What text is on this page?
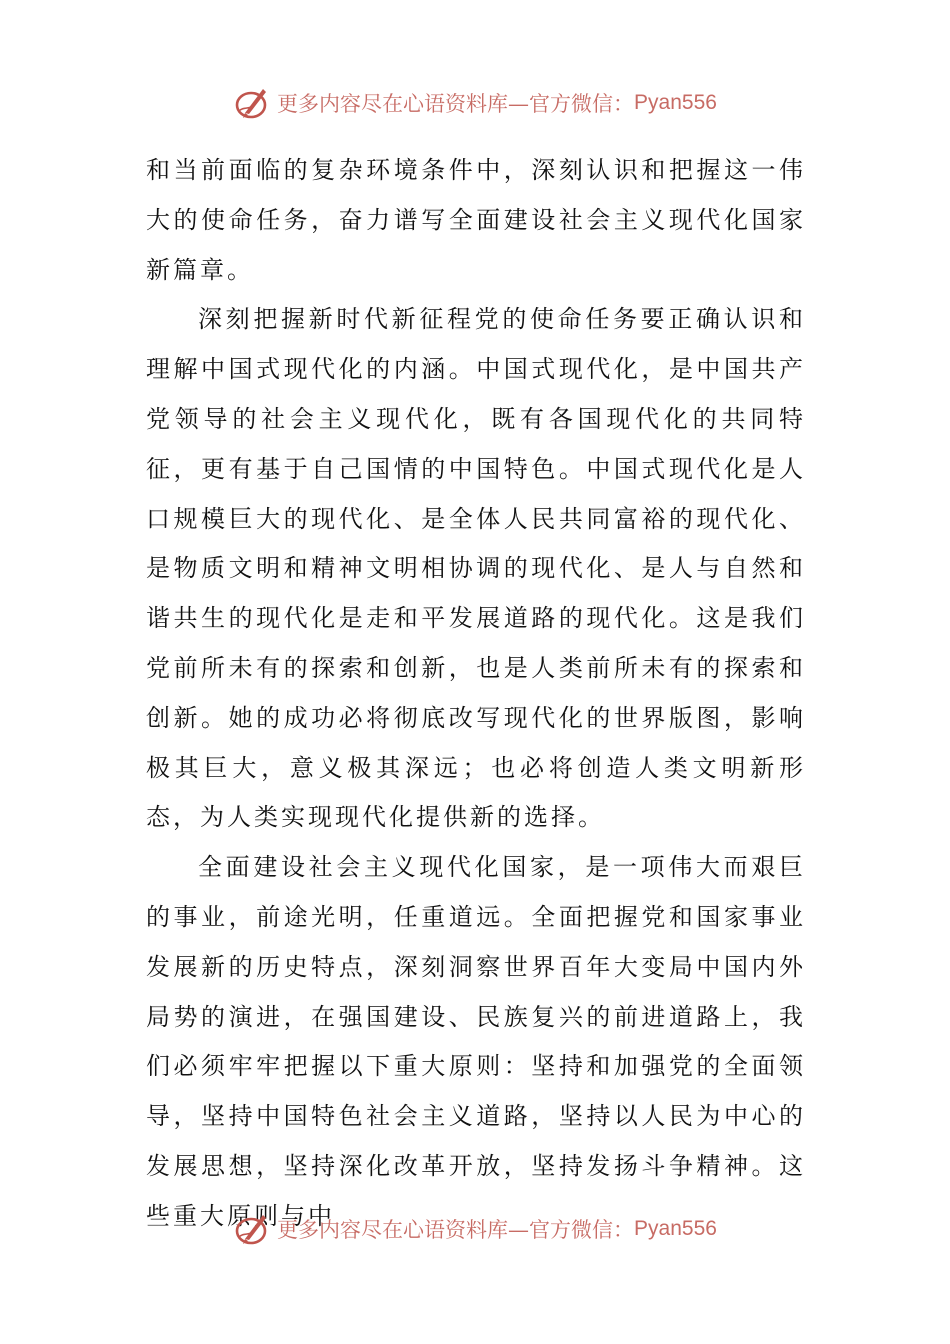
更多内容尽在心语资料库—官方微信： Pyan556

和当前面临的复杂环境条件中，深刻认识和把握这一伟大的使命任务，奋力谱写全面建设社会主义现代化国家新篇章。

深刻把握新时代新征程党的使命任务要正确认识和理解中国式现代化的内涵。中国式现代化，是中国共产党领导的社会主义现代化，既有各国现代化的共同特征，更有基于自己国情的中国特色。中国式现代化是人口规模巨大的现代化、是全体人民共同富裕的现代化、是物质文明和精神文明相协调的现代化、是人与自然和谐共生的现代化是走和平发展道路的现代化。这是我们党前所未有的探索和创新，也是人类前所未有的探索和创新。她的成功必将彻底改写现代化的世界版图，影响极其巨大，意义极其深远；也必将创造人类文明新形态，为人类实现现代化提供新的选择。

全面建设社会主义现代化国家，是一项伟大而艰巨的事业，前途光明，任重道远。全面把握党和国家事业发展新的历史特点，深刻洞察世界百年大变局中国内外局势的演进，在强国建设、民族复兴的前进道路上，我们必须牢牢把握以下重大原则：坚持和加强党的全面领导，坚持中国特色社会主义道路，坚持以人民为中心的发展思想，坚持深化改革开放，坚持发扬斗争精神。这些重大原则与中

更多内容尽在心语资料库—官方微信： Pyan556
